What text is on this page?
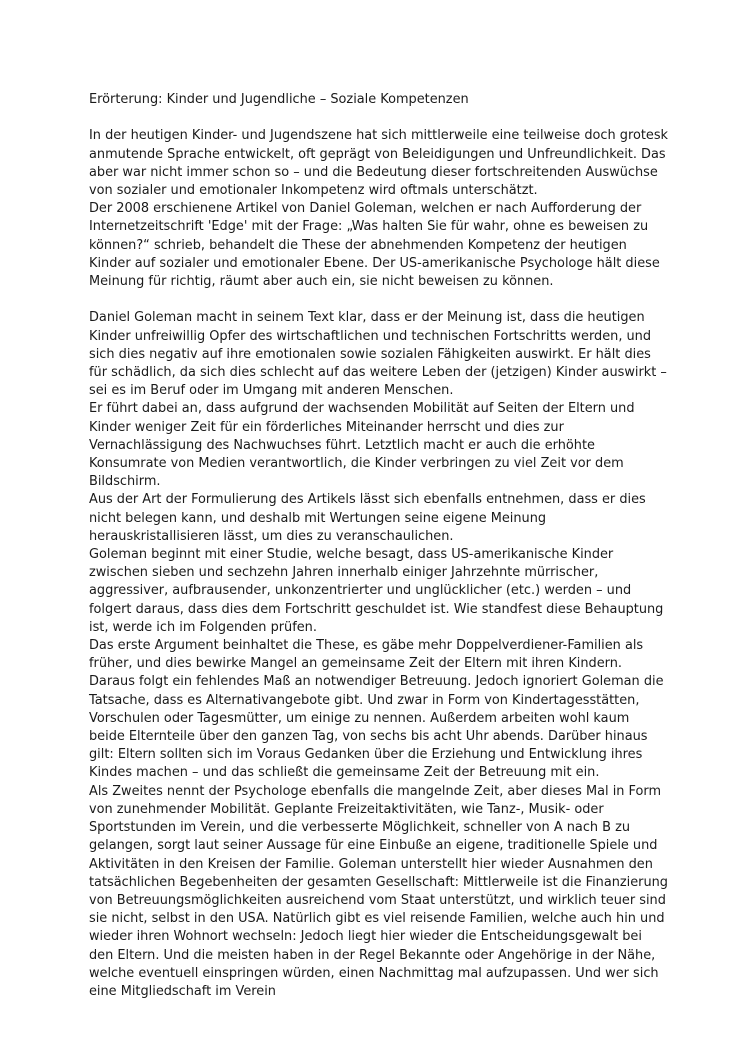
Erörterung: Kinder und Jugendliche – Soziale Kompetenzen

In der heutigen Kinder- und Jugendszene hat sich mittlerweile eine teilweise doch grotesk anmutende Sprache entwickelt, oft geprägt von Beleidigungen und Unfreundlichkeit. Das aber war nicht immer schon so – und die Bedeutung dieser fortschreitenden Auswüchse von sozialer und emotionaler Inkompetenz wird oftmals unterschätzt.

Der 2008 erschienene Artikel von Daniel Goleman, welchen er nach Aufforderung der Internetzeitschrift 'Edge' mit der Frage: „Was halten Sie für wahr, ohne es beweisen zu können?“ schrieb, behandelt die These der abnehmenden Kompetenz der heutigen Kinder auf sozialer und emotionaler Ebene. Der US-amerikanische Psychologe hält diese Meinung für richtig, räumt aber auch ein, sie nicht beweisen zu können.

Daniel Goleman macht in seinem Text klar, dass er der Meinung ist, dass die heutigen Kinder unfreiwillig Opfer des wirtschaftlichen und technischen Fortschritts werden, und sich dies negativ auf ihre emotionalen sowie sozialen Fähigkeiten auswirkt. Er hält dies für schädlich, da sich dies schlecht auf das weitere Leben der (jetzigen) Kinder auswirkt – sei es im Beruf oder im Umgang mit anderen Menschen.

Er führt dabei an, dass aufgrund der wachsenden Mobilität auf Seiten der Eltern und Kinder weniger Zeit für ein förderliches Miteinander herrscht und dies zur Vernachlässigung des Nachwuchses führt. Letztlich macht er auch die erhöhte Konsumrate von Medien verantwortlich, die Kinder verbringen zu viel Zeit vor dem Bildschirm.

Aus der Art der Formulierung des Artikels lässt sich ebenfalls entnehmen, dass er dies nicht belegen kann, und deshalb mit Wertungen seine eigene Meinung herauskristallisieren lässt, um dies zu veranschaulichen.

Goleman beginnt mit einer Studie, welche besagt, dass US-amerikanische Kinder zwischen sieben und sechzehn Jahren innerhalb einiger Jahrzehnte mürrischer, aggressiver, aufbrausender, unkonzentrierter und unglücklicher (etc.) werden – und folgert daraus, dass dies dem Fortschritt geschuldet ist. Wie standfest diese Behauptung ist, werde ich im Folgenden prüfen.

Das erste Argument beinhaltet die These, es gäbe mehr Doppelverdiener-Familien als früher, und dies bewirke Mangel an gemeinsame Zeit der Eltern mit ihren Kindern. Daraus folgt ein fehlendes Maß an notwendiger Betreuung. Jedoch ignoriert Goleman die Tatsache, dass es Alternativangebote gibt. Und zwar in Form von Kindertagesstätten, Vorschulen oder Tagesmütter, um einige zu nennen. Außerdem arbeiten wohl kaum beide Elternteile über den ganzen Tag, von sechs bis acht Uhr abends. Darüber hinaus gilt: Eltern sollten sich im Voraus Gedanken über die Erziehung und Entwicklung ihres Kindes machen – und das schließt die gemeinsame Zeit der Betreuung mit ein.

Als Zweites nennt der Psychologe ebenfalls die mangelnde Zeit, aber dieses Mal in Form von zunehmender Mobilität. Geplante Freizeitaktivitäten, wie Tanz-, Musik- oder Sportstunden im Verein, und die verbesserte Möglichkeit, schneller von A nach B zu gelangen, sorgt laut seiner Aussage für eine Einbuße an eigene, traditionelle Spiele und Aktivitäten in den Kreisen der Familie. Goleman unterstellt hier wieder Ausnahmen den tatsächlichen Begebenheiten der gesamten Gesellschaft: Mittlerweile ist die Finanzierung von Betreuungsmöglichkeiten ausreichend vom Staat unterstützt, und wirklich teuer sind sie nicht, selbst in den USA. Natürlich gibt es viel reisende Familien, welche auch hin und wieder ihren Wohnort wechseln: Jedoch liegt hier wieder die Entscheidungsgewalt bei den Eltern. Und die meisten haben in der Regel Bekannte oder Angehörige in der Nähe, welche eventuell einspringen würden, einen Nachmittag mal aufzupassen. Und wer sich eine Mitgliedschaft im Verein
